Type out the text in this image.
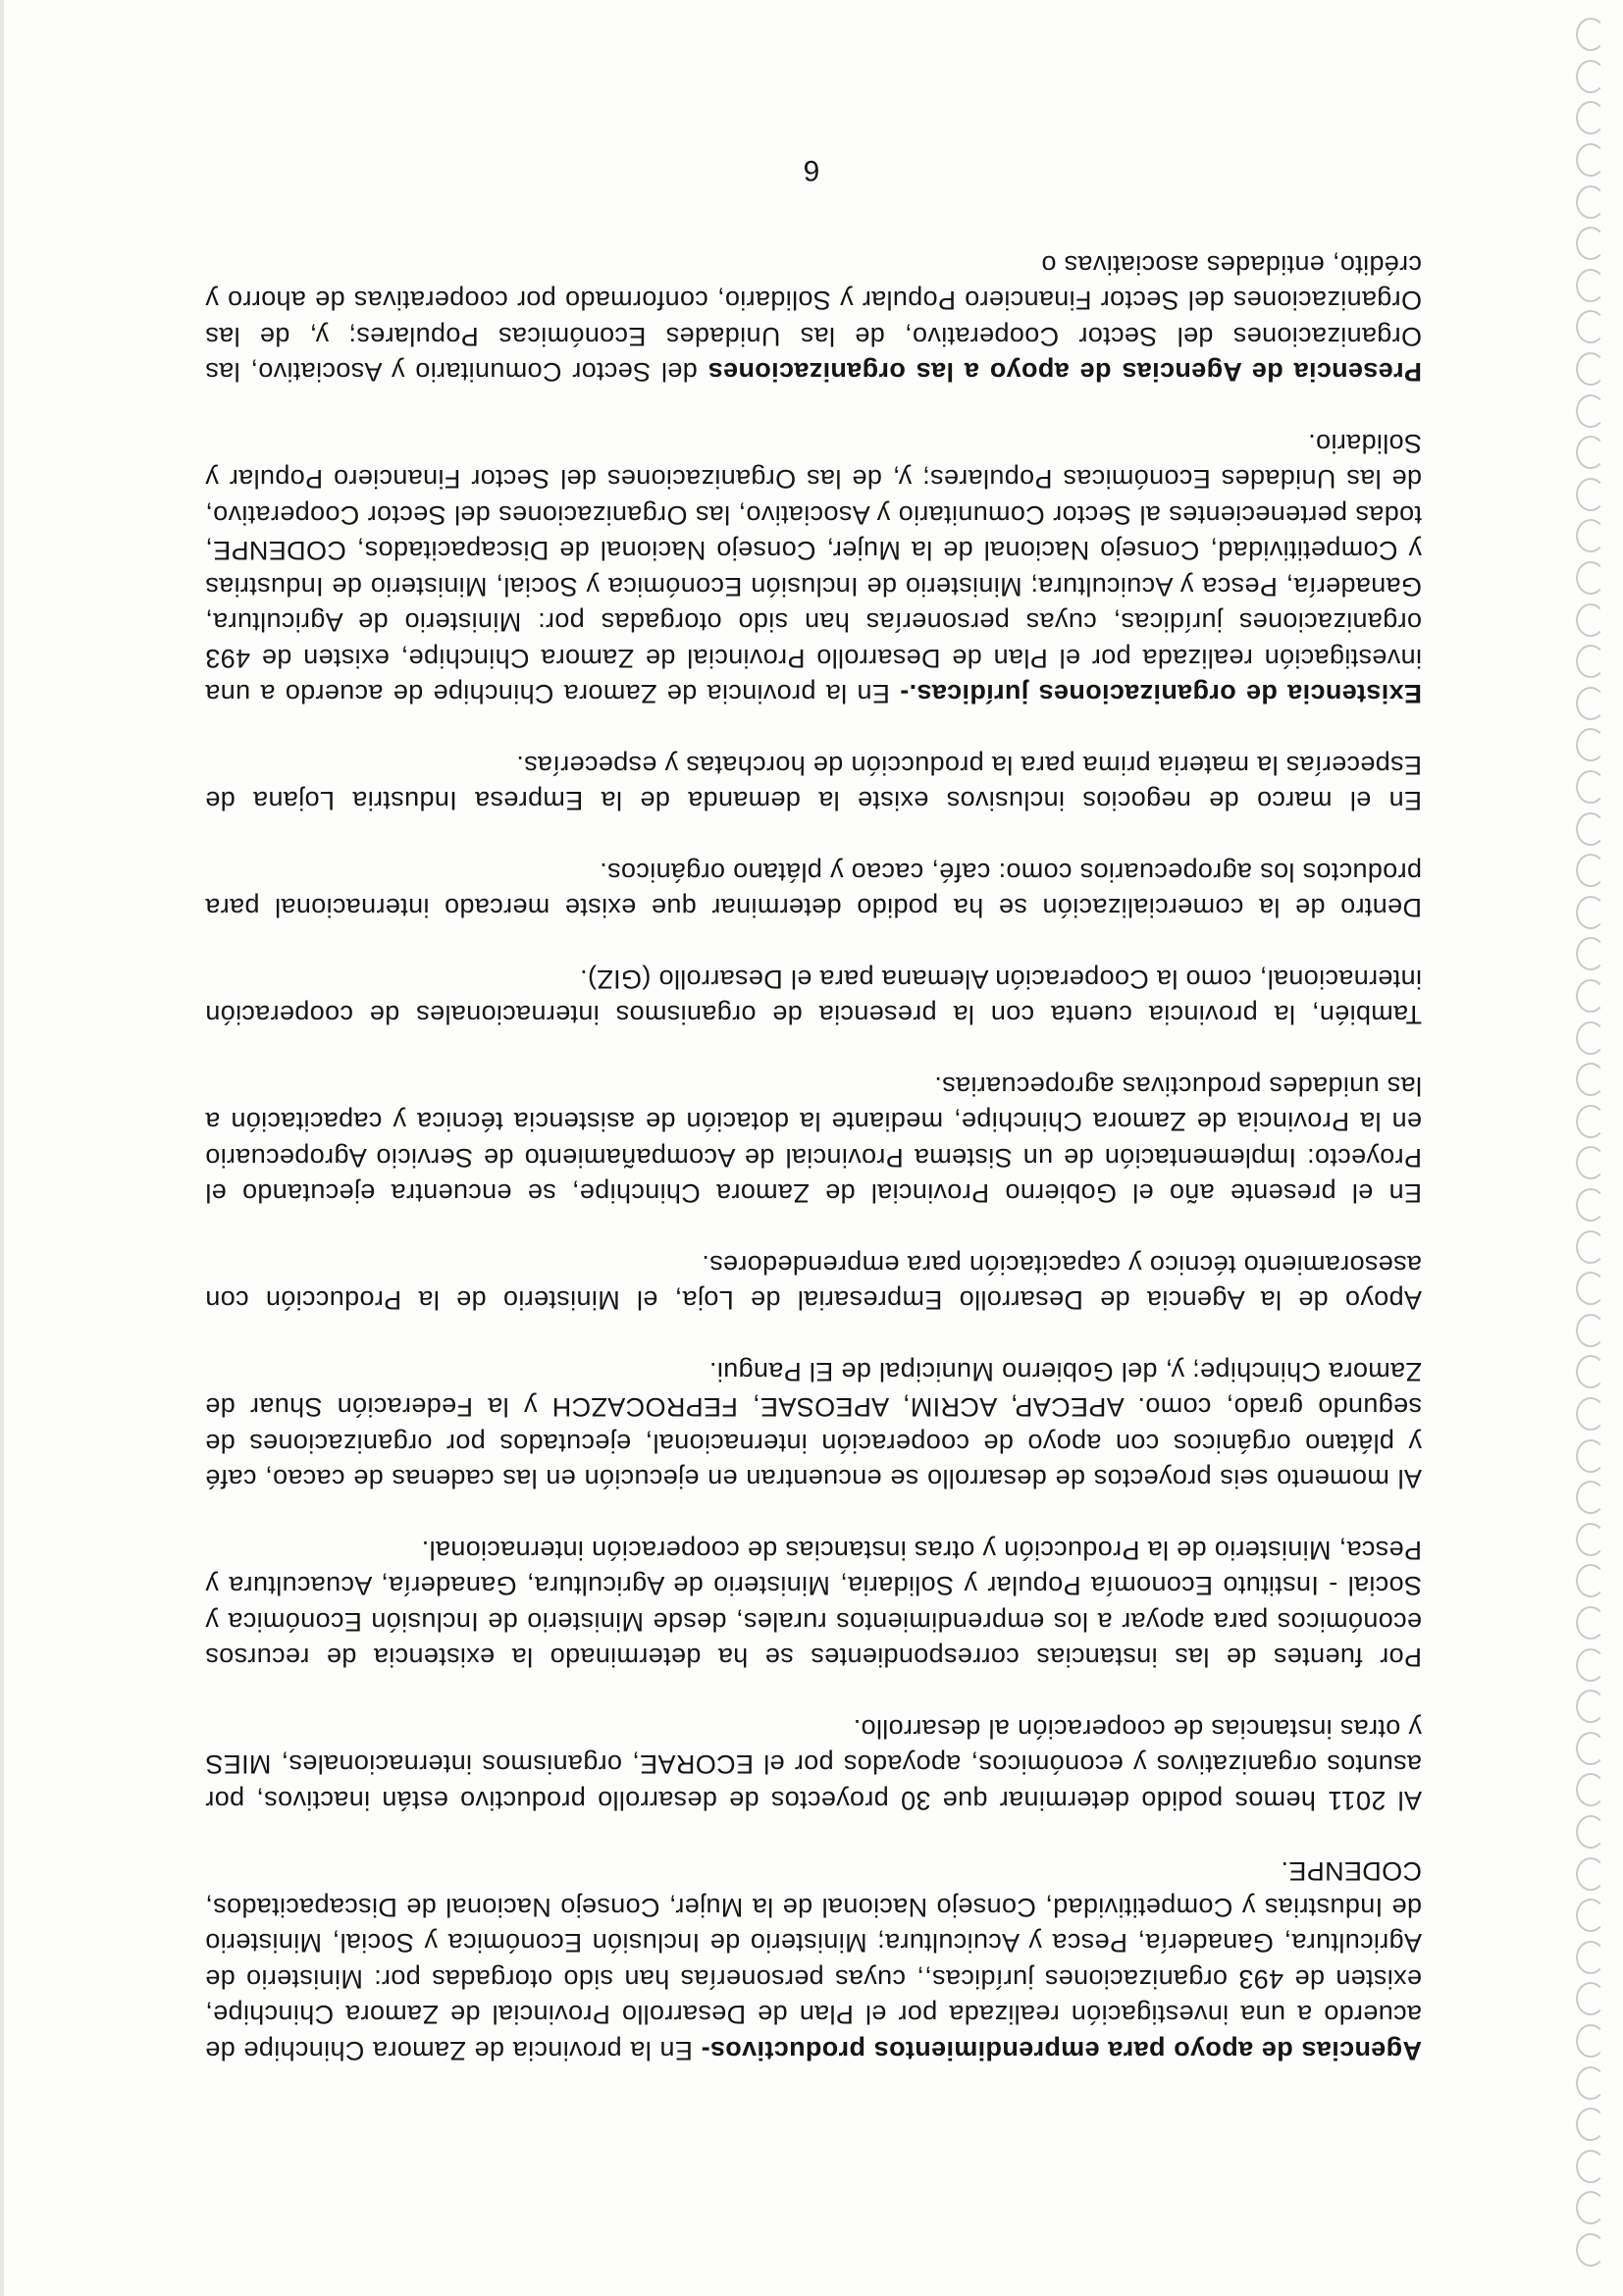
Agencias de apoyo para emprendimientos productivos- En la provincia de Zamora Chinchipe de acuerdo a una investigación realizada por el Plan de Desarrollo Provincial de Zamora Chinchipe, existen de 493 organizaciones jurídicas,, cuyas personerías han sido otorgadas por: Ministerio de Agricultura, Ganadería, Pesca y Acuicultura; Ministerio de Inclusión Económica y Social, Ministerio de Industrias y Competitividad, Consejo Nacional de la Mujer, Consejo Nacional de Discapacitados, CODENPE.

Al 2011 hemos podido determinar que 30 proyectos de desarrollo productivo están inactivos, por asuntos organizativos y económicos, apoyados por el ECORAE, organismos internacionales, MIES y otras instancias de cooperación al desarrollo.

Por fuentes de las instancias correspondientes se ha determinado la existencia de recursos económicos para apoyar a los emprendimientos rurales, desde Ministerio de Inclusión Económica y Social - Instituto Economía Popular y Solidaria, Ministerio de Agricultura, Ganadería, Acuacultura y Pesca, Ministerio de la Producción y otras instancias de cooperación internacional.

Al momento seis proyectos de desarrollo se encuentran en ejecución en las cadenas de cacao, café y plátano orgánicos con apoyo de cooperación internacional, ejecutados por organizaciones de segundo grado, como. APECAP, ACRIM, APEOSAE, FEPROCAZCH y la Federación Shuar de Zamora Chinchipe; y, del Gobierno Municipal de El Pangui.

Apoyo de la Agencia de Desarrollo Empresarial de Loja, el Ministerio de la Producción con asesoramiento técnico y capacitación para emprendedores.

En el presente año el Gobierno Provincial de Zamora Chinchipe, se encuentra ejecutando el Proyecto: Implementación de un Sistema Provincial de Acompañamiento de Servicio Agropecuario en la Provincia de Zamora Chinchipe, mediante la dotación de asistencia técnica y capacitación a las unidades productivas agropecuarias.

También, la provincia cuenta con la presencia de organismos internacionales de cooperación internacional, como la Cooperación Alemana para el Desarrollo (GIZ).

Dentro de la comercialización se ha podido determinar que existe mercado internacional para productos los agropecuarios como: café, cacao y plátano orgánicos.

En el marco de negocios inclusivos existe la demanda de la Empresa Industria Lojana de Especerías la materia prima para la producción de horchatas y especerías.

Existencia de organizaciones jurídicas.- En la provincia de Zamora Chinchipe de acuerdo a una investigación realizada por el Plan de Desarrollo Provincial de Zamora Chinchipe, existen de 493 organizaciones jurídicas, cuyas personerías han sido otorgadas por: Ministerio de Agricultura, Ganadería, Pesca y Acuicultura; Ministerio de Inclusión Económica y Social, Ministerio de Industrias y Competitividad, Consejo Nacional de la Mujer, Consejo Nacional de Discapacitados, CODENPE, todas pertenecientes al Sector Comunitario y Asociativo, las Organizaciones del Sector Cooperativo, de las Unidades Económicas Populares; y, de las Organizaciones del Sector Financiero Popular y Solidario.

Presencia de Agencias de apoyo a las organizaciones del Sector Comunitario y Asociativo, las Organizaciones del Sector Cooperativo, de las Unidades Económicas Populares; y, de las Organizaciones del Sector Financiero Popular y Solidario, conformado por cooperativas de ahorro y crédito, entidades asociativas o

6
